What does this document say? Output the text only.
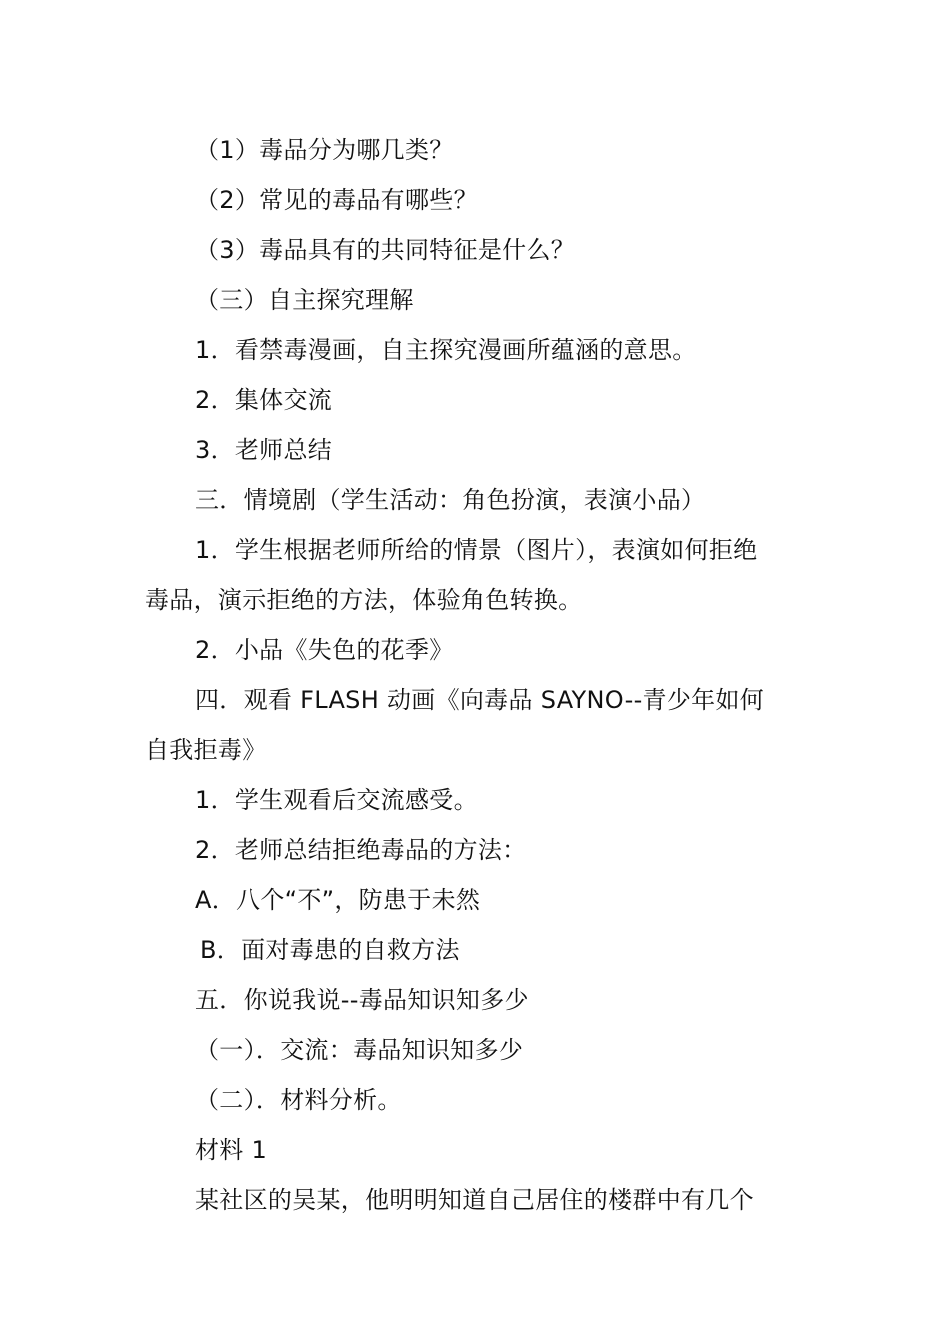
（1）毒品分为哪几类？
（2）常见的毒品有哪些？
（3）毒品具有的共同特征是什么？
（三）自主探究理解
1．看禁毒漫画，自主探究漫画所蕴涵的意思。
2．集体交流
3．老师总结
三．情境剧（学生活动：角色扮演，表演小品）
1．学生根据老师所给的情景（图片），表演如何拒绝
毒品，演示拒绝的方法，体验角色转换。
2．小品《失色的花季》
四．观看 FLASH 动画《向毒品 SAYNO--青少年如何
自我拒毒》
1．学生观看后交流感受。
2．老师总结拒绝毒品的方法：
A．八个“不”，防患于未然
B．面对毒患的自救方法
五．你说我说--毒品知识知多少
（一）．交流：毒品知识知多少
（二）．材料分析。
材料 1
某社区的吴某，他明明知道自己居住的楼群中有几个
